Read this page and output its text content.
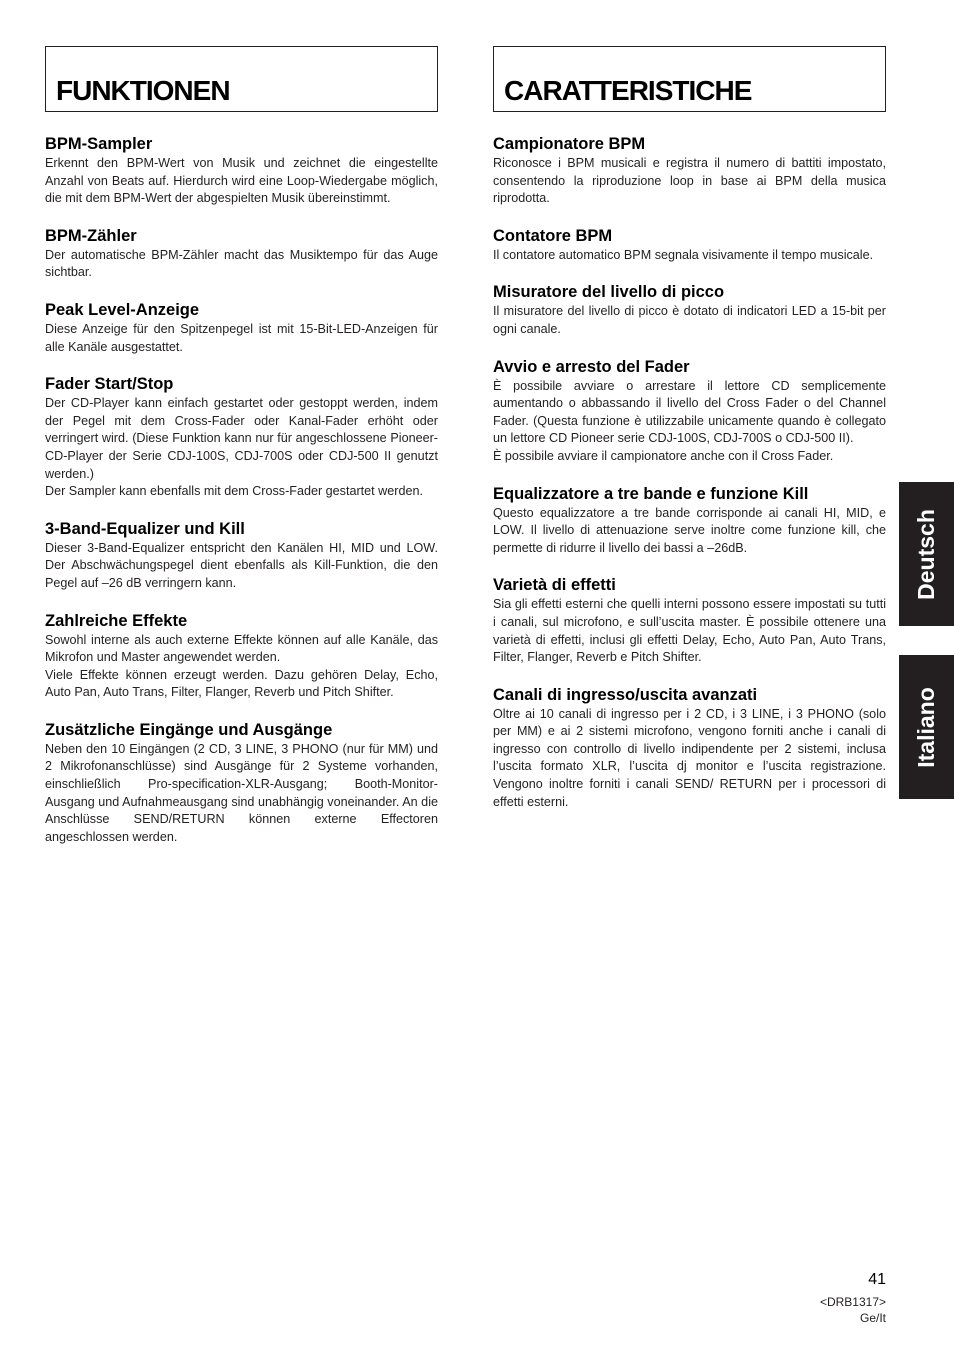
FUNKTIONEN
BPM-Sampler

Erkennt den BPM-Wert von Musik und zeichnet die eingestellte Anzahl von Beats auf. Hierdurch wird eine Loop-Wiedergabe möglich, die mit dem BPM-Wert der abgespielten Musik übereinstimmt.

BPM-Zähler

Der automatische BPM-Zähler macht das Musiktempo für das Auge sichtbar.

Peak Level-Anzeige

Diese Anzeige für den Spitzenpegel ist mit 15-Bit-LED-Anzeigen für alle Kanäle ausgestattet.

Fader Start/Stop

Der CD-Player kann einfach gestartet oder gestoppt werden, indem der Pegel mit dem Cross-Fader oder Kanal-Fader erhöht oder verringert wird. (Diese Funktion kann nur für angeschlossene Pioneer-CD-Player der Serie CDJ-100S, CDJ-700S oder CDJ-500 II genutzt werden.)

Der Sampler kann ebenfalls mit dem Cross-Fader gestartet werden.

3-Band-Equalizer und Kill

Dieser 3-Band-Equalizer entspricht den Kanälen HI, MID und LOW. Der Abschwächungspegel dient ebenfalls als Kill-Funktion, die den Pegel auf –26 dB verringern kann.

Zahlreiche Effekte

Sowohl interne als auch externe Effekte können auf alle Kanäle, das Mikrofon und Master angewendet werden.

Viele Effekte können erzeugt werden. Dazu gehören Delay, Echo, Auto Pan, Auto Trans, Filter, Flanger, Reverb und Pitch Shifter.

Zusätzliche Eingänge und Ausgänge

Neben den 10 Eingängen (2 CD, 3 LINE, 3 PHONO (nur für MM) und 2 Mikrofonanschlüsse) sind Ausgänge für 2 Systeme vorhanden, einschließlich Pro-specification-XLR-Ausgang; Booth-Monitor-Ausgang und Aufnahmeausgang sind unabhängig voneinander. An die Anschlüsse SEND/RETURN können externe Effectoren angeschlossen werden.

CARATTERISTICHE
Campionatore BPM

Riconosce i BPM musicali e registra il numero di battiti impostato, consentendo la riproduzione loop in base ai BPM della musica riprodotta.

Contatore BPM

Il contatore automatico BPM segnala visivamente il tempo musicale.

Misuratore del livello di picco

Il misuratore del livello di picco è dotato di indicatori LED a 15-bit per ogni canale.

Avvio e arresto del Fader

È possibile avviare o arrestare il lettore CD semplicemente aumentando o abbassando il livello del Cross Fader o del Channel Fader. (Questa funzione è utilizzabile unicamente quando è collegato un lettore CD Pioneer serie CDJ-100S, CDJ-700S o CDJ-500 II).

È possibile avviare il campionatore anche con il Cross Fader.

Equalizzatore a tre bande e funzione Kill

Questo equalizzatore a tre bande corrisponde ai canali HI, MID, e LOW. Il livello di attenuazione serve inoltre come funzione kill, che permette di ridurre il livello dei bassi a –26dB.

Varietà di effetti

Sia gli effetti esterni che quelli interni possono essere impostati su tutti i canali, sul microfono, e sull’uscita master. È possibile ottenere una varietà di effetti, inclusi gli effetti Delay, Echo, Auto Pan, Auto Trans, Filter, Flanger, Reverb e Pitch Shifter.

Canali di ingresso/uscita avanzati

Oltre ai 10 canali di ingresso per i 2 CD, i 3 LINE, i 3 PHONO (solo per MM) e ai 2 sistemi microfono, vengono forniti anche i canali di ingresso con controllo di livello indipendente per 2 sistemi, inclusa l’uscita formato XLR, l’uscita dj monitor e l’uscita registrazione. Vengono inoltre forniti i canali SEND/ RETURN per i processori di effetti esterni.

Deutsch
Italiano
41
<DRB1317>
Ge/It
